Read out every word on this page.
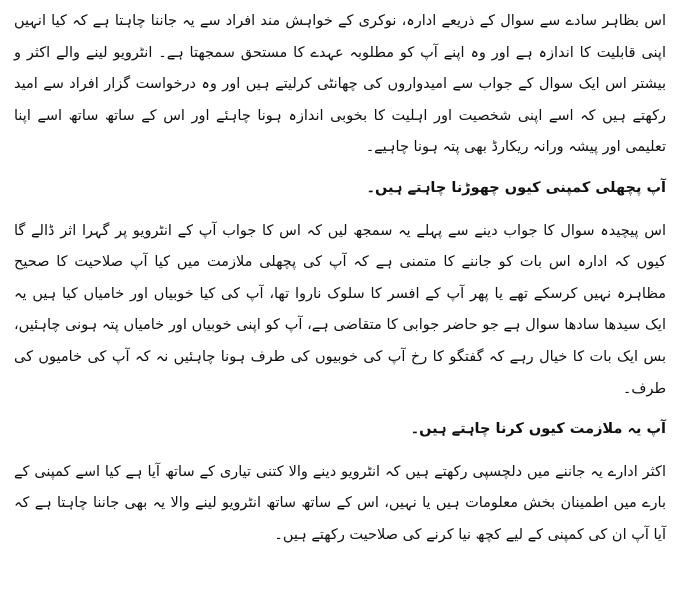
اس بظاہر سادے سے سوال کے ذریعے ادارہ، نوکری کے خواہش مند افراد سے یہ جاننا چاہتا ہے کہ کیا انہیں اپنی قابلیت کا اندازہ ہے اور وہ اپنے آپ کو مطلوبہ عہدے کا مستحق سمجھتا ہے۔ انٹرویو لینے والے اکثر و بیشتر اس ایک سوال کے جواب سے امیدواروں کی چھانٹی کرلیتے ہیں اور وہ درخواست گزار افراد سے امید رکھتے ہیں کہ اسے اپنی شخصیت اور اہلیت کا بخوبی اندازہ ہونا چاہئے اور اس کے ساتھ ساتھ اسے اپنا تعلیمی اور پیشہ ورانہ ریکارڈ بھی پتہ ہونا چاہیے۔

آپ پچھلی کمپنی کیوں چھوڑنا چاہتے ہیں۔

اس پیچیدہ سوال کا جواب دینے سے پہلے یہ سمجھ لیں کہ اس کا جواب آپ کے انٹرویو پر گہرا اثر ڈالے گا کیوں کہ ادارہ اس بات کو جاننے کا متمنی ہے کہ آپ کی پچھلی ملازمت میں کیا آپ صلاحیت کا صحیح مظاہرہ نہیں کرسکے تھے یا پھر آپ کے افسر کا سلوک ناروا تھا، آپ کی کیا خوبیاں اور خامیاں کیا ہیں یہ ایک سیدھا سادھا سوال ہے جو حاضر جوابی کا متقاضی ہے، آپ کو اپنی خوبیاں اور خامیاں پتہ ہونی چاہئیں، بس ایک بات کا خیال رہے کہ گفتگو کا رخ آپ کی خوبیوں کی طرف ہونا چاہئیں نہ کہ آپ کی خامیوں کی طرف۔

آپ یہ ملازمت کیوں کرنا چاہتے ہیں۔

اکثر ادارے یہ جاننے میں دلچسپی رکھتے ہیں کہ انٹرویو دینے والا کتنی تیاری کے ساتھ آیا ہے کیا اسے کمپنی کے بارے میں اطمینان بخش معلومات ہیں یا نہیں، اس کے ساتھ ساتھ انٹرویو لینے والا یہ بھی جاننا چاہتا ہے کہ آیا آپ ان کی کمپنی کے لیے کچھ نیا کرنے کی صلاحیت رکھتے ہیں۔
